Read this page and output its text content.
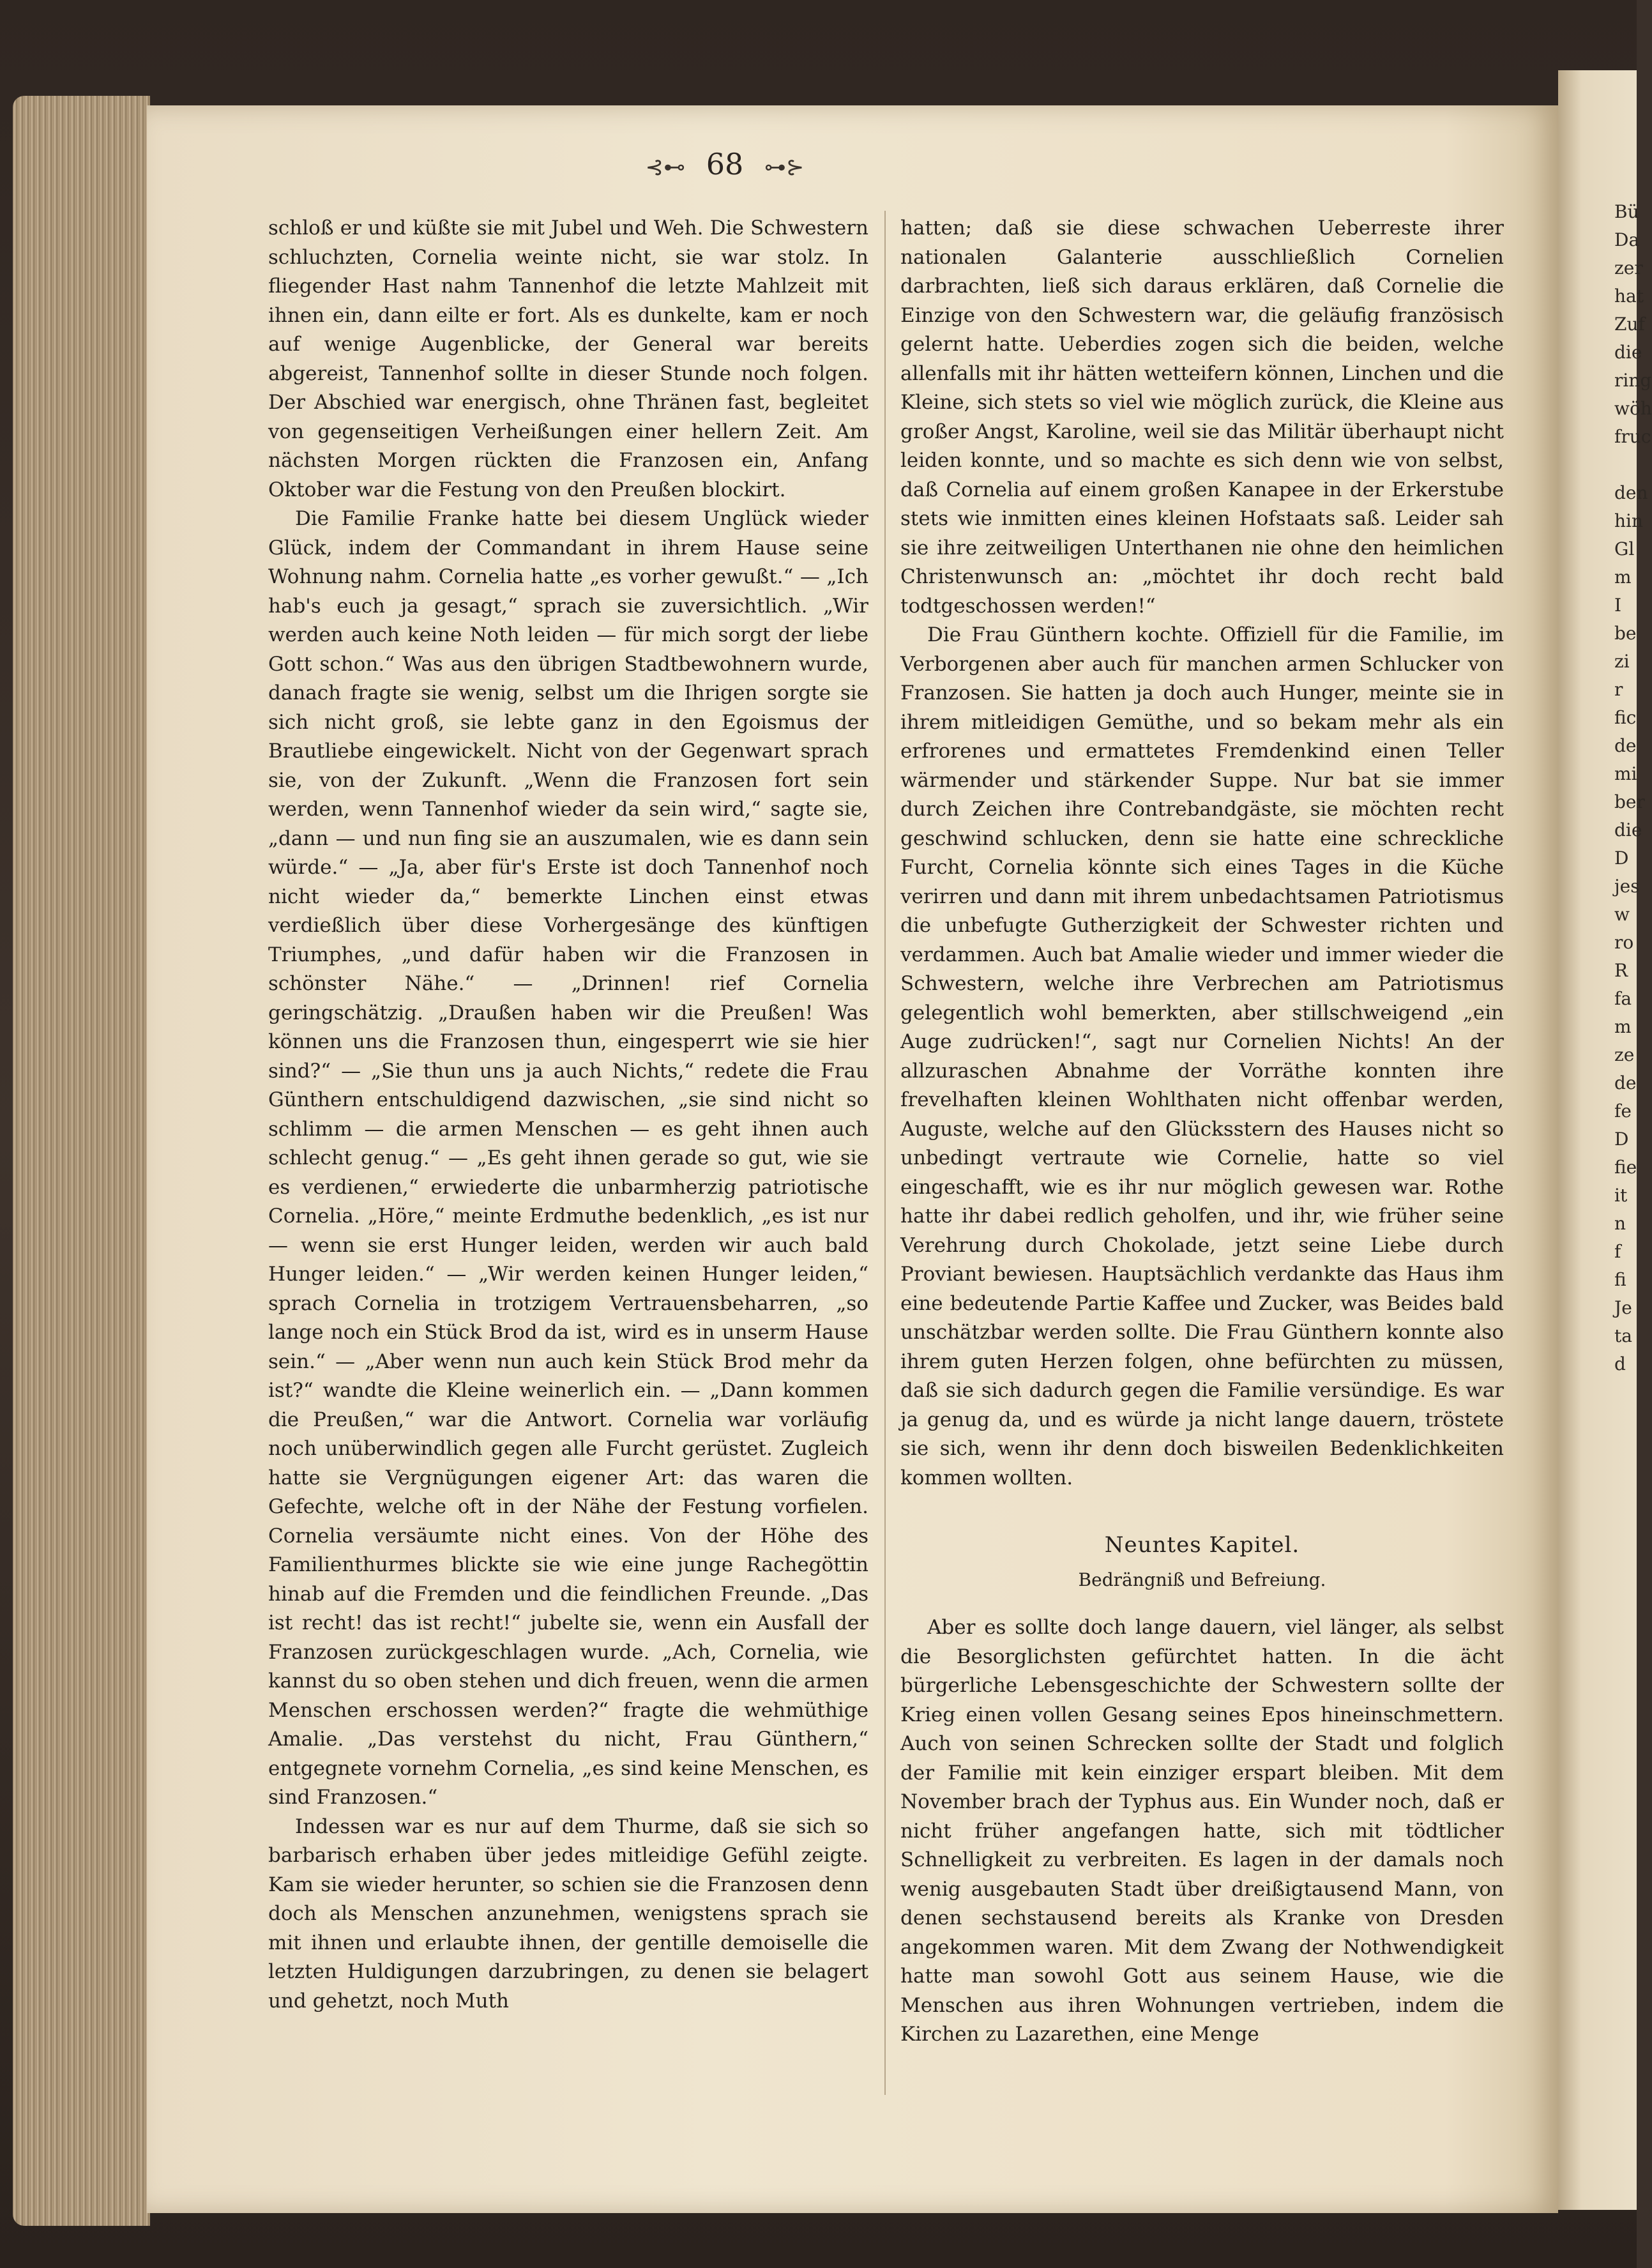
Bü
Da
zer
hat
Zuf
die
ring
wöh
fruc

den
hin
Gl
m
I
be
zi
r
fic
de
mi
ber
die
D
jes
w
ro
R
fa
m
ze
de
fe
D
fie
it
n
f
fi
Je
ta
d
⊰⊷ 68 ⊶⊱

schloß er und küßte sie mit Jubel und Weh. Die Schwestern schluchzten, Cornelia weinte nicht, sie war stolz. In fliegender Hast nahm Tannenhof die letzte Mahlzeit mit ihnen ein, dann eilte er fort. Als es dunkelte, kam er noch auf wenige Augenblicke, der General war bereits abgereist, Tannenhof sollte in dieser Stunde noch folgen. Der Abschied war energisch, ohne Thränen fast, begleitet von gegenseitigen Verheißungen einer hellern Zeit. Am nächsten Morgen rückten die Franzosen ein, Anfang Oktober war die Festung von den Preußen blockirt.

Die Familie Franke hatte bei diesem Unglück wieder Glück, indem der Commandant in ihrem Hause seine Wohnung nahm. Cornelia hatte „es vorher gewußt.“ — „Ich hab's euch ja gesagt,“ sprach sie zuversichtlich. „Wir werden auch keine Noth leiden — für mich sorgt der liebe Gott schon.“ Was aus den übrigen Stadtbewohnern wurde, danach fragte sie wenig, selbst um die Ihrigen sorgte sie sich nicht groß, sie lebte ganz in den Egoismus der Brautliebe eingewickelt. Nicht von der Gegenwart sprach sie, von der Zukunft. „Wenn die Franzosen fort sein werden, wenn Tannenhof wieder da sein wird,“ sagte sie, „dann — und nun fing sie an auszumalen, wie es dann sein würde.“ — „Ja, aber für's Erste ist doch Tannenhof noch nicht wieder da,“ bemerkte Linchen einst etwas verdießlich über diese Vorhergesänge des künftigen Triumphes, „und dafür haben wir die Franzosen in schönster Nähe.“ — „Drinnen! rief Cornelia geringschätzig. „Draußen haben wir die Preußen! Was können uns die Franzosen thun, eingesperrt wie sie hier sind?“ — „Sie thun uns ja auch Nichts,“ redete die Frau Günthern entschuldigend dazwischen, „sie sind nicht so schlimm — die armen Menschen — es geht ihnen auch schlecht genug.“ — „Es geht ihnen gerade so gut, wie sie es verdienen,“ erwiederte die unbarmherzig patriotische Cornelia. „Höre,“ meinte Erdmuthe bedenklich, „es ist nur — wenn sie erst Hunger leiden, werden wir auch bald Hunger leiden.“ — „Wir werden keinen Hunger leiden,“ sprach Cornelia in trotzigem Vertrauensbeharren, „so lange noch ein Stück Brod da ist, wird es in unserm Hause sein.“ — „Aber wenn nun auch kein Stück Brod mehr da ist?“ wandte die Kleine weinerlich ein. — „Dann kommen die Preußen,“ war die Antwort. Cornelia war vorläufig noch unüberwindlich gegen alle Furcht gerüstet. Zugleich hatte sie Vergnügungen eigener Art: das waren die Gefechte, welche oft in der Nähe der Festung vorfielen. Cornelia versäumte nicht eines. Von der Höhe des Familienthurmes blickte sie wie eine junge Rachegöttin hinab auf die Fremden und die feindlichen Freunde. „Das ist recht! das ist recht!“ jubelte sie, wenn ein Ausfall der Franzosen zurückgeschlagen wurde. „Ach, Cornelia, wie kannst du so oben stehen und dich freuen, wenn die armen Menschen erschossen werden?“ fragte die wehmüthige Amalie. „Das verstehst du nicht, Frau Günthern,“ entgegnete vornehm Cornelia, „es sind keine Menschen, es sind Franzosen.“

Indessen war es nur auf dem Thurme, daß sie sich so barbarisch erhaben über jedes mitleidige Gefühl zeigte. Kam sie wieder herunter, so schien sie die Franzosen denn doch als Menschen anzunehmen, wenigstens sprach sie mit ihnen und erlaubte ihnen, der gentille demoiselle die letzten Huldigungen darzubringen, zu denen sie belagert und gehetzt, noch Muth

hatten; daß sie diese schwachen Ueberreste ihrer nationalen Galanterie ausschließlich Cornelien darbrachten, ließ sich daraus erklären, daß Cornelie die Einzige von den Schwestern war, die geläufig französisch gelernt hatte. Ueberdies zogen sich die beiden, welche allenfalls mit ihr hätten wetteifern können, Linchen und die Kleine, sich stets so viel wie möglich zurück, die Kleine aus großer Angst, Karoline, weil sie das Militär überhaupt nicht leiden konnte, und so machte es sich denn wie von selbst, daß Cornelia auf einem großen Kanapee in der Erkerstube stets wie inmitten eines kleinen Hofstaats saß. Leider sah sie ihre zeitweiligen Unterthanen nie ohne den heimlichen Christenwunsch an: „möchtet ihr doch recht bald todtgeschossen werden!“

Die Frau Günthern kochte. Offiziell für die Familie, im Verborgenen aber auch für manchen armen Schlucker von Franzosen. Sie hatten ja doch auch Hunger, meinte sie in ihrem mitleidigen Gemüthe, und so bekam mehr als ein erfrorenes und ermattetes Fremdenkind einen Teller wärmender und stärkender Suppe. Nur bat sie immer durch Zeichen ihre Contrebandgäste, sie möchten recht geschwind schlucken, denn sie hatte eine schreckliche Furcht, Cornelia könnte sich eines Tages in die Küche verirren und dann mit ihrem unbedachtsamen Patriotismus die unbefugte Gutherzigkeit der Schwester richten und verdammen. Auch bat Amalie wieder und immer wieder die Schwestern, welche ihre Verbrechen am Patriotismus gelegentlich wohl bemerkten, aber stillschweigend „ein Auge zudrücken!“, sagt nur Cornelien Nichts! An der allzuraschen Abnahme der Vorräthe konnten ihre frevelhaften kleinen Wohlthaten nicht offenbar werden, Auguste, welche auf den Glücksstern des Hauses nicht so unbedingt vertraute wie Cornelie, hatte so viel eingeschafft, wie es ihr nur möglich gewesen war. Rothe hatte ihr dabei redlich geholfen, und ihr, wie früher seine Verehrung durch Chokolade, jetzt seine Liebe durch Proviant bewiesen. Hauptsächlich verdankte das Haus ihm eine bedeutende Partie Kaffee und Zucker, was Beides bald unschätzbar werden sollte. Die Frau Günthern konnte also ihrem guten Herzen folgen, ohne befürchten zu müssen, daß sie sich dadurch gegen die Familie versündige. Es war ja genug da, und es würde ja nicht lange dauern, tröstete sie sich, wenn ihr denn doch bisweilen Bedenklichkeiten kommen wollten.

Neuntes Kapitel.
Bedrängniß und Befreiung.

Aber es sollte doch lange dauern, viel länger, als selbst die Besorglichsten gefürchtet hatten. In die ächt bürgerliche Lebensgeschichte der Schwestern sollte der Krieg einen vollen Gesang seines Epos hineinschmettern. Auch von seinen Schrecken sollte der Stadt und folglich der Familie mit kein einziger erspart bleiben. Mit dem November brach der Typhus aus. Ein Wunder noch, daß er nicht früher angefangen hatte, sich mit tödtlicher Schnelligkeit zu verbreiten. Es lagen in der damals noch wenig ausgebauten Stadt über dreißigtausend Mann, von denen sechstausend bereits als Kranke von Dresden angekommen waren. Mit dem Zwang der Nothwendigkeit hatte man sowohl Gott aus seinem Hause, wie die Menschen aus ihren Wohnungen vertrieben, indem die Kirchen zu Lazarethen, eine Menge
